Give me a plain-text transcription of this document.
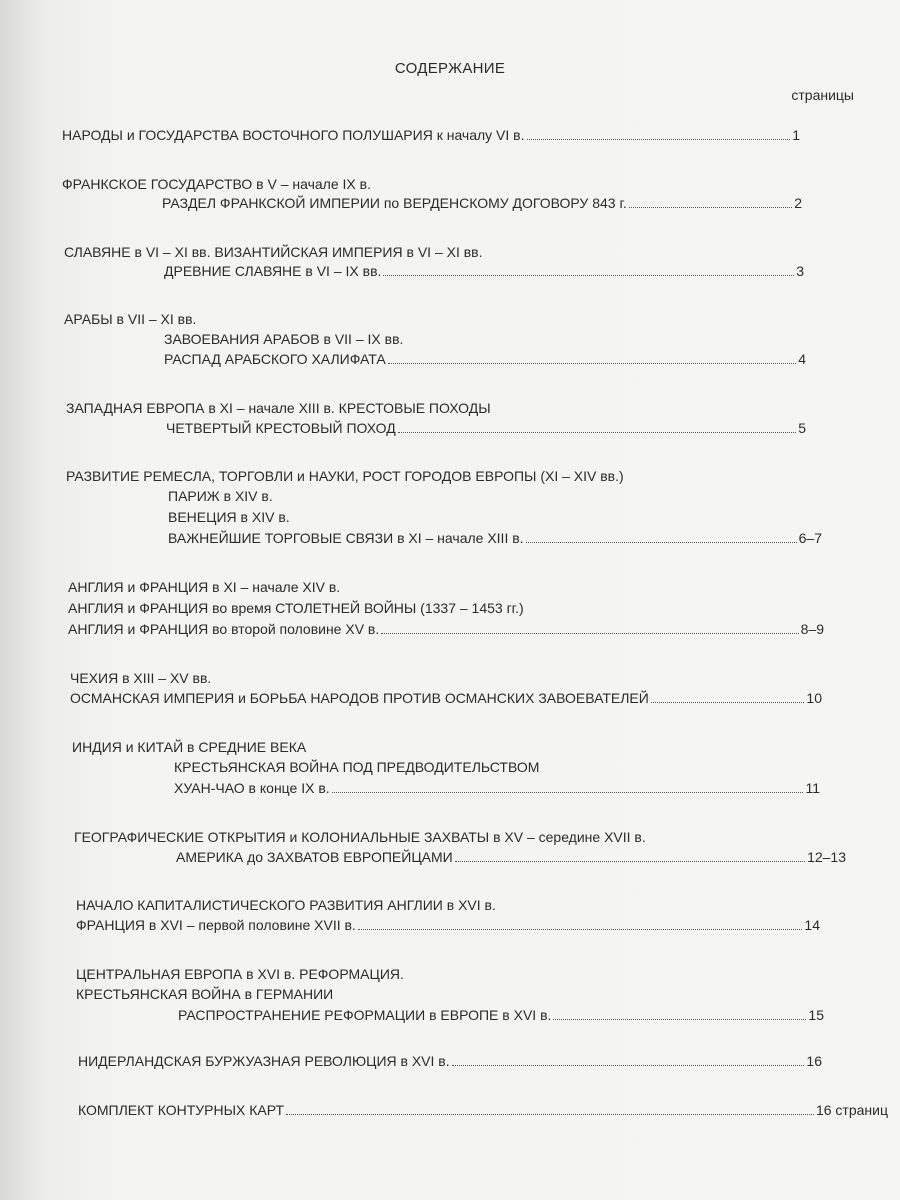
СОДЕРЖАНИЕ
страницы
НАРОДЫ и ГОСУДАРСТВА ВОСТОЧНОГО ПОЛУШАРИЯ к началу VI в.	1
ФРАНКСКОЕ ГОСУДАРСТВО в V – начале IX в.
РАЗДЕЛ ФРАНКСКОЙ ИМПЕРИИ по ВЕРДЕНСКОМУ ДОГОВОРУ 843 г.	2
СЛАВЯНЕ в VI – XI вв. ВИЗАНТИЙСКАЯ ИМПЕРИЯ в VI – XI вв.
ДРЕВНИЕ СЛАВЯНЕ в VI – IX вв.	3
АРАБЫ в VII – XI вв.
ЗАВОЕВАНИЯ АРАБОВ в VII – IX вв.
РАСПАД АРАБСКОГО ХАЛИФАТА	4
ЗАПАДНАЯ ЕВРОПА в XI – начале XIII в. КРЕСТОВЫЕ ПОХОДЫ
ЧЕТВЕРТЫЙ КРЕСТОВЫЙ ПОХОД	5
РАЗВИТИЕ РЕМЕСЛА, ТОРГОВЛИ и НАУКИ, РОСТ ГОРОДОВ ЕВРОПЫ (XI – XIV вв.)
ПАРИЖ в XIV в.
ВЕНЕЦИЯ в XIV в.
ВАЖНЕЙШИЕ ТОРГОВЫЕ СВЯЗИ в XI – начале XIII в.	6–7
АНГЛИЯ и ФРАНЦИЯ в XI – начале XIV в.
АНГЛИЯ и ФРАНЦИЯ во время СТОЛЕТНЕЙ ВОЙНЫ (1337 – 1453 гг.)
АНГЛИЯ и ФРАНЦИЯ во второй половине XV в.	8–9
ЧЕХИЯ в XIII – XV вв.
ОСМАНСКАЯ ИМПЕРИЯ и БОРЬБА НАРОДОВ ПРОТИВ ОСМАНСКИХ ЗАВОЕВАТЕЛЕЙ	10
ИНДИЯ и КИТАЙ в СРЕДНИЕ ВЕКА
КРЕСТЬЯНСКАЯ ВОЙНА ПОД ПРЕДВОДИТЕЛЬСТВОМ
ХУАН-ЧАО в конце IX в.	11
ГЕОГРАФИЧЕСКИЕ ОТКРЫТИЯ и КОЛОНИАЛЬНЫЕ ЗАХВАТЫ в XV – середине XVII в.
АМЕРИКА до ЗАХВАТОВ ЕВРОПЕЙЦАМИ	12–13
НАЧАЛО КАПИТАЛИСТИЧЕСКОГО РАЗВИТИЯ АНГЛИИ в XVI в.
ФРАНЦИЯ в XVI – первой половине XVII в.	14
ЦЕНТРАЛЬНАЯ ЕВРОПА в XVI в. РЕФОРМАЦИЯ.
КРЕСТЬЯНСКАЯ ВОЙНА в ГЕРМАНИИ
РАСПРОСТРАНЕНИЕ РЕФОРМАЦИИ в ЕВРОПЕ в XVI в.	15
НИДЕРЛАНДСКАЯ БУРЖУАЗНАЯ РЕВОЛЮЦИЯ в XVI в.	16
КОМПЛЕКТ КОНТУРНЫХ КАРТ	16 страниц
